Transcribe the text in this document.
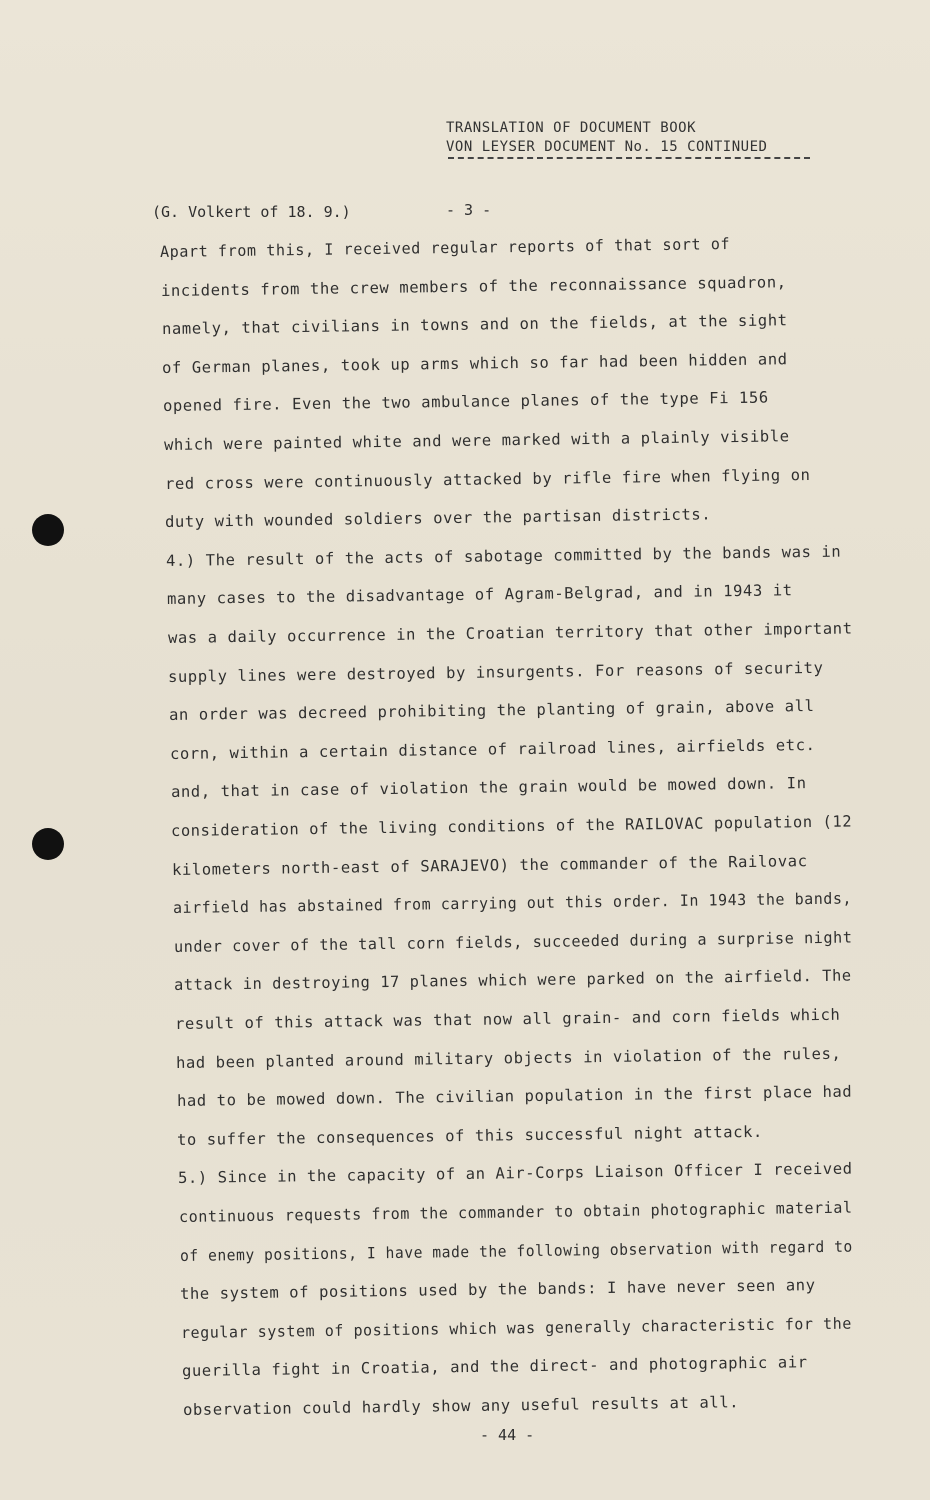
TRANSLATION OF DOCUMENT BOOK
VON LEYSER DOCUMENT No. 15 CONTINUED
(G. Volkert of 18. 9.)	- 3 -
Apart from this, I received regular reports of that sort of
incidents from the crew members of the reconnaissance squadron,
namely, that civilians in towns and on the fields, at the sight
of German planes, took up arms which so far had been hidden and
opened fire. Even the two ambulance planes of the type Fi 156
which were painted white and were marked with a plainly visible
red cross were continuously attacked by rifle fire when flying on
duty with wounded soldiers over the partisan districts.
4.) The result of the acts of sabotage committed by the bands was in
many cases to the disadvantage of Agram-Belgrad, and in 1943 it
was a daily occurrence in the Croatian territory that other important
supply lines were destroyed by insurgents. For reasons of security
an order was decreed prohibiting the planting of grain, above all
corn, within a certain distance of railroad lines, airfields etc.
and, that in case of violation the grain would be mowed down. In
consideration of the living conditions of the RAILOVAC population (12
kilometers north-east of SARAJEVO) the commander of the Railovac
airfield has abstained from carrying out this order. In 1943 the bands,
under cover of the tall corn fields, succeeded during a surprise night
attack in destroying 17 planes which were parked on the airfield. The
result of this attack was that now all grain- and corn fields which
had been planted around military objects in violation of the rules,
had to be mowed down. The civilian population in the first place had
to suffer the consequences of this successful night attack.
5.) Since in the capacity of an Air-Corps Liaison Officer I received
continuous requests from the commander to obtain photographic material
of enemy positions, I have made the following observation with regard to
the system of positions used by the bands: I have never seen any
regular system of positions which was generally characteristic for the
guerilla fight in Croatia, and the direct- and photographic air
observation could hardly show any useful results at all.
- 44 -
